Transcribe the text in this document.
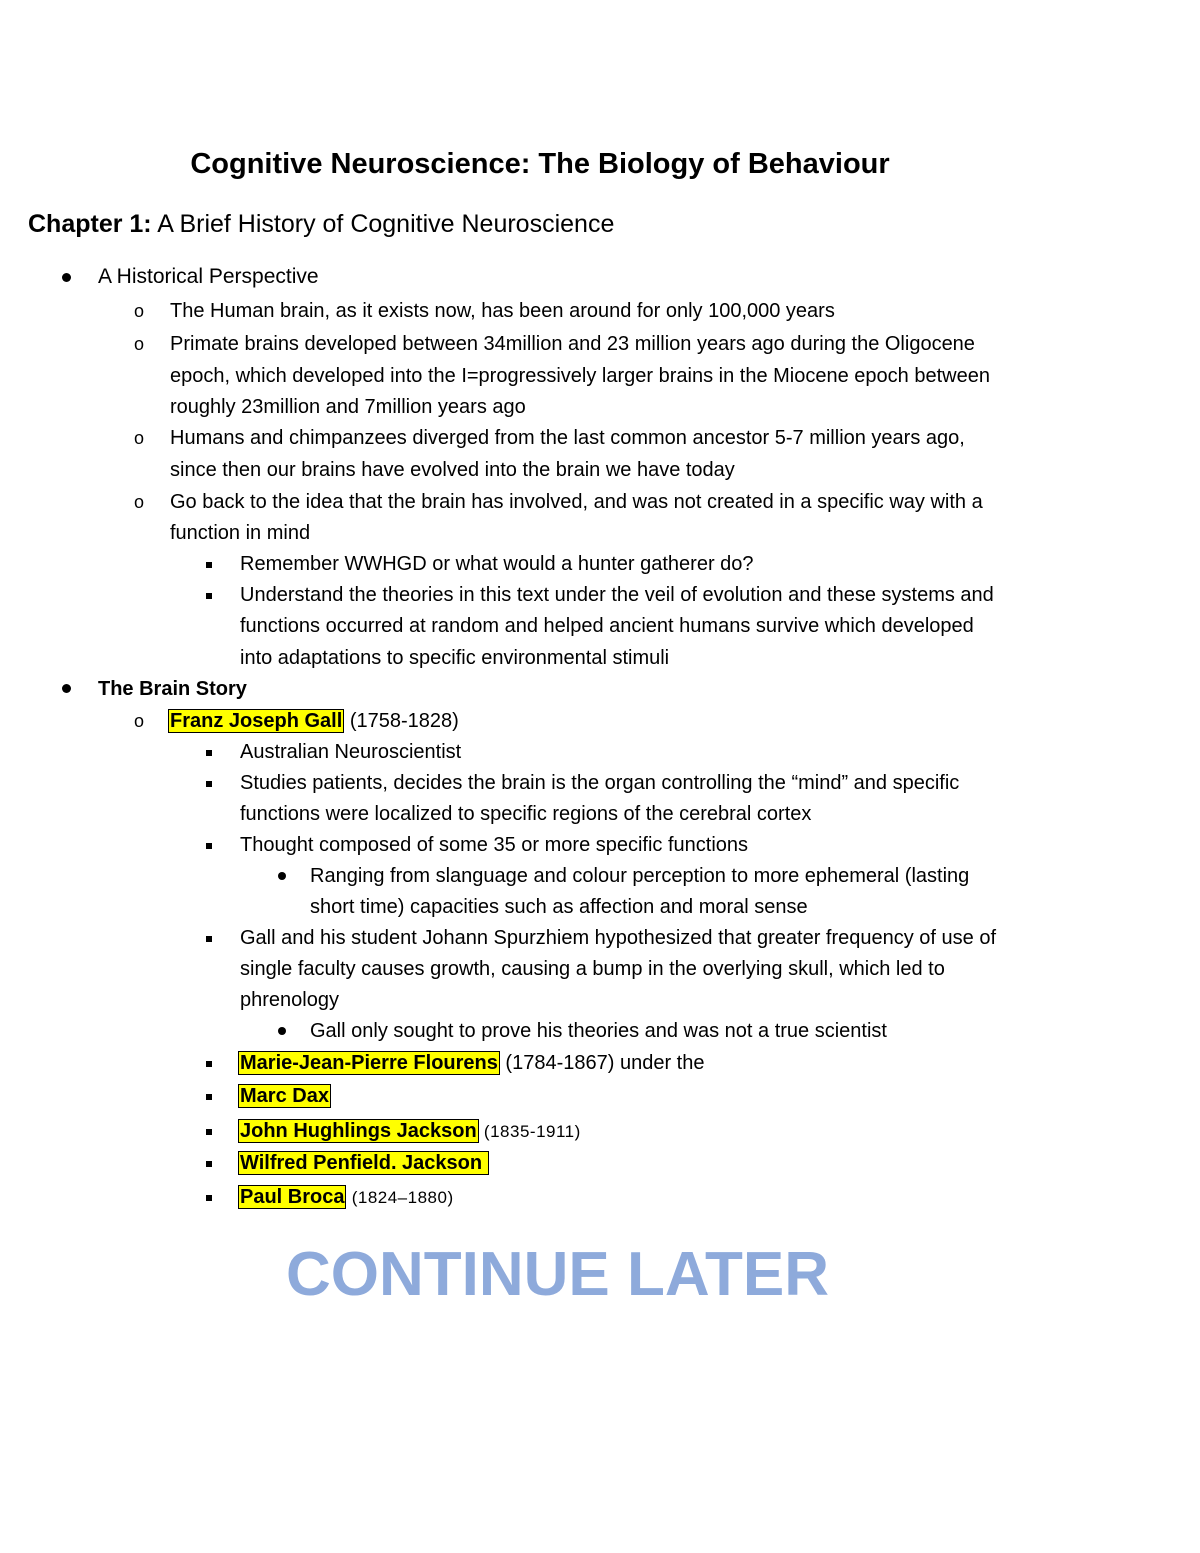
Cognitive Neuroscience: The Biology of Behaviour
Chapter 1: A Brief History of Cognitive Neuroscience
A Historical Perspective
o The Human brain, as it exists now, has been around for only 100,000 years
o Primate brains developed between 34million and 23 million years ago during the Oligocene
epoch, which developed into the I=progressively larger brains in the Miocene epoch between
roughly 23million and 7million years ago
o Humans and chimpanzees diverged from the last common ancestor 5-7 million years ago,
since then our brains have evolved into the brain we have today
o Go back to the idea that the brain has involved, and was not created in a specific way with a
function in mind
Remember WWHGD or what would a hunter gatherer do?
Understand the theories in this text under the veil of evolution and these systems and
functions occurred at random and helped ancient humans survive which developed
into adaptations to specific environmental stimuli
The Brain Story
o Franz Joseph Gall (1758-1828)
Australian Neuroscientist
Studies patients, decides the brain is the organ controlling the “mind” and specific
functions were localized to specific regions of the cerebral cortex
Thought composed of some 35 or more specific functions
Ranging from slanguage and colour perception to more ephemeral (lasting
short time) capacities such as affection and moral sense
Gall and his student Johann Spurzhiem hypothesized that greater frequency of use of
single faculty causes growth, causing a bump in the overlying skull, which led to
phrenology
Gall only sought to prove his theories and was not a true scientist
Marie-Jean-Pierre Flourens (1784-1867) under the
Marc Dax
John Hughlings Jackson (1835-1911)
Wilfred Penfield. Jackson
Paul Broca (1824–1880)
CONTINUE LATER
